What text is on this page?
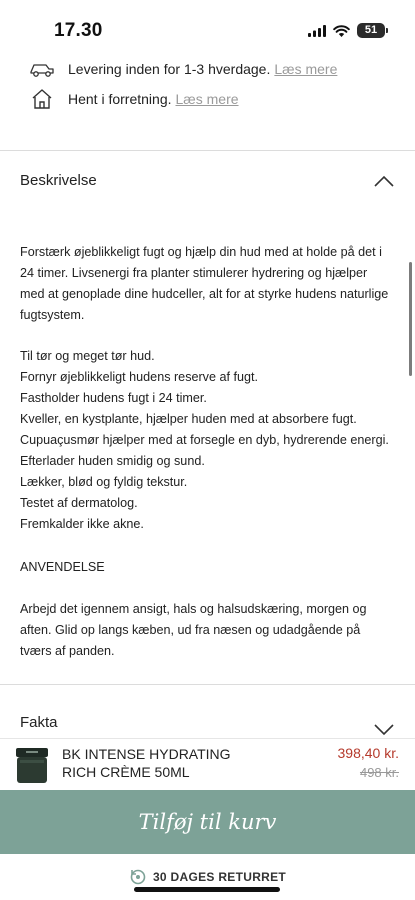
17.30	51
Levering inden for 1-3 hverdage. Læs mere
Hent i forretning. Læs mere
Beskrivelse

Forstærk øjeblikkeligt fugt og hjælp din hud med at holde på det i 24 timer. Livsenergi fra planter stimulerer hydrering og hjælper med at genoplade dine hudceller, alt for at styrke hudens naturlige fugtsystem.

Til tør og meget tør hud.

Fornyr øjeblikkeligt hudens reserve af fugt.

Fastholder hudens fugt i 24 timer.

Kveller, en kystplante, hjælper huden med at absorbere fugt.

Cupuaçusmør hjælper med at forsegle en dyb, hydrerende energi.

Efterlader huden smidig og sund.

Lækker, blød og fyldig tekstur.

Testet af dermatolog.

Fremkalder ikke akne.

ANVENDELSE

Arbejd det igennem ansigt, hals og halsudskæring, morgen og aften. Glid op langs kæben, ud fra næsen og udadgående på tværs af panden.

Fakta
BK INTENSE HYDRATING
RICH CRÈME 50ML
398,40 kr.
498 kr.
Tilføj til kurv
30 DAGES RETURRET
